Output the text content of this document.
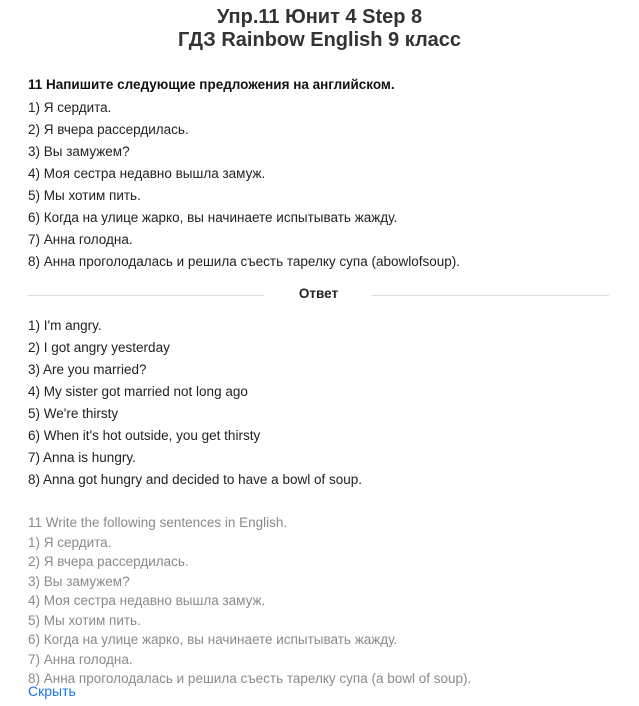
Упр.11 Юнит 4 Step 8
ГДЗ Rainbow English 9 класс
11 Напишите следующие предложения на английском.
1) Я сердита.
2) Я вчера рассердилась.
3) Вы замужем?
4) Моя сестра недавно вышла замуж.
5) Мы хотим пить.
6) Когда на улице жарко, вы начинаете испытывать жажду.
7) Анна голодна.
8) Анна проголодалась и решила съесть тарелку супа (abowlofsoup).
Ответ
1) I'm angry.
2) I got angry yesterday
3) Are you married?
4) My sister got married not long ago
5) We're thirsty
6) When it's hot outside, you get thirsty
7) Anna is hungry.
8) Anna got hungry and decided to have a bowl of soup.
11 Write the following sentences in English.
1) Я сердита.
2) Я вчера рассердилась.
3) Вы замужем?
4) Моя сестра недавно вышла замуж.
5) Мы хотим пить.
6) Когда на улице жарко, вы начинаете испытывать жажду.
7) Анна голодна.
8) Анна проголодалась и решила съесть тарелку супа (a bowl of soup).
Скрыть
